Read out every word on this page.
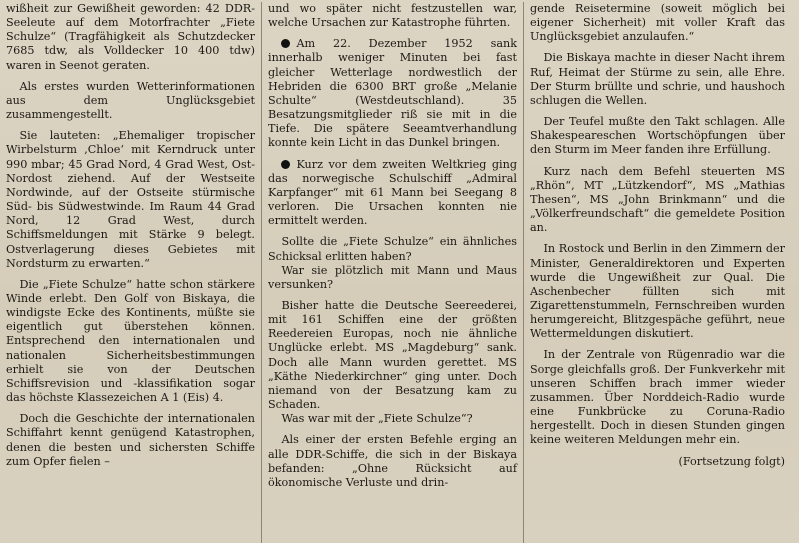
wißheit zur Gewißheit geworden: 42 DDR-Seeleute auf dem Motorfrachter „Fiete Schulze“ (Tragfähigkeit als Schutzdecker 7685 tdw, als Volldecker 10 400 tdw) waren in Seenot geraten.

Als erstes wurden Wetterinformationen aus dem Unglücksgebiet zusammengestellt.

Sie lauteten: „Ehemaliger tropischer Wirbelsturm ‚Chloe‘ mit Kerndruck unter 990 mbar; 45 Grad Nord, 4 Grad West, Ost-Nordost ziehend. Auf der Westseite Nordwinde, auf der Ostseite stürmische Süd- bis Südwestwinde. Im Raum 44 Grad Nord, 12 Grad West, durch Schiffsmeldungen mit Stärke 9 belegt. Ostverlagerung dieses Gebietes mit Nordsturm zu erwarten.“

Die „Fiete Schulze“ hatte schon stärkere Winde erlebt. Den Golf von Biskaya, die windigste Ecke des Kontinents, müßte sie eigentlich gut überstehen können. Entsprechend den internationalen und nationalen Sicherheitsbestimmungen erhielt sie von der Deutschen Schiffsrevision und -klassifikation sogar das höchste Klassezeichen A 1 (Eis) 4.

Doch die Geschichte der internationalen Schiffahrt kennt genügend Katastrophen, denen die besten und sichersten Schiffe zum Opfer fielen –

und wo später nicht festzustellen war, welche Ursachen zur Katastrophe führten.

Am 22. Dezember 1952 sank innerhalb weniger Minuten bei fast gleicher Wetterlage nordwestlich der Hebriden die 6300 BRT große „Melanie Schulte“ (Westdeutschland). 35 Besatzungsmitglieder riß sie mit in die Tiefe. Die spätere Seeamtverhandlung konnte kein Licht in das Dunkel bringen.

Kurz vor dem zweiten Weltkrieg ging das norwegische Schulschiff „Admiral Karpfanger“ mit 61 Mann bei Seegang 8 verloren. Die Ursachen konnten nie ermittelt werden.

Sollte die „Fiete Schulze“ ein ähnliches Schicksal erlitten haben?

War sie plötzlich mit Mann und Maus versunken?

Bisher hatte die Deutsche Seereederei, mit 161 Schiffen eine der größten Reedereien Europas, noch nie ähnliche Unglücke erlebt. MS „Magdeburg“ sank. Doch alle Mann wurden gerettet. MS „Käthe Niederkirchner“ ging unter. Doch niemand von der Besatzung kam zu Schaden.

Was war mit der „Fiete Schulze“?

Als einer der ersten Befehle erging an alle DDR-Schiffe, die sich in der Biskaya befanden: „Ohne Rücksicht auf ökonomische Verluste und drin-

gende Reisetermine (soweit möglich bei eigener Sicherheit) mit voller Kraft das Unglücksgebiet anzulaufen.“

Die Biskaya machte in dieser Nacht ihrem Ruf, Heimat der Stürme zu sein, alle Ehre. Der Sturm brüllte und schrie, und haushoch schlugen die Wellen.

Der Teufel mußte den Takt schlagen. Alle Shakespeareschen Wortschöpfungen über den Sturm im Meer fanden ihre Erfüllung.

Kurz nach dem Befehl steuerten MS „Rhön“, MT „Lützkendorf“, MS „Mathias Thesen“, MS „John Brinkmann“ und die „Völkerfreundschaft“ die gemeldete Position an.

In Rostock und Berlin in den Zimmern der Minister, Generaldirektoren und Experten wurde die Ungewißheit zur Qual. Die Aschenbecher füllten sich mit Zigarettenstummeln, Fernschreiben wurden herumgereicht, Blitzgespäche geführt, neue Wettermeldungen diskutiert.

In der Zentrale von Rügenradio war die Sorge gleichfalls groß. Der Funkverkehr mit unseren Schiffen brach immer wieder zusammen. Über Norddeich-Radio wurde eine Funkbrücke zu Coruna-Radio hergestellt. Doch in diesen Stunden gingen keine weiteren Meldungen mehr ein.

(Fortsetzung folgt)
